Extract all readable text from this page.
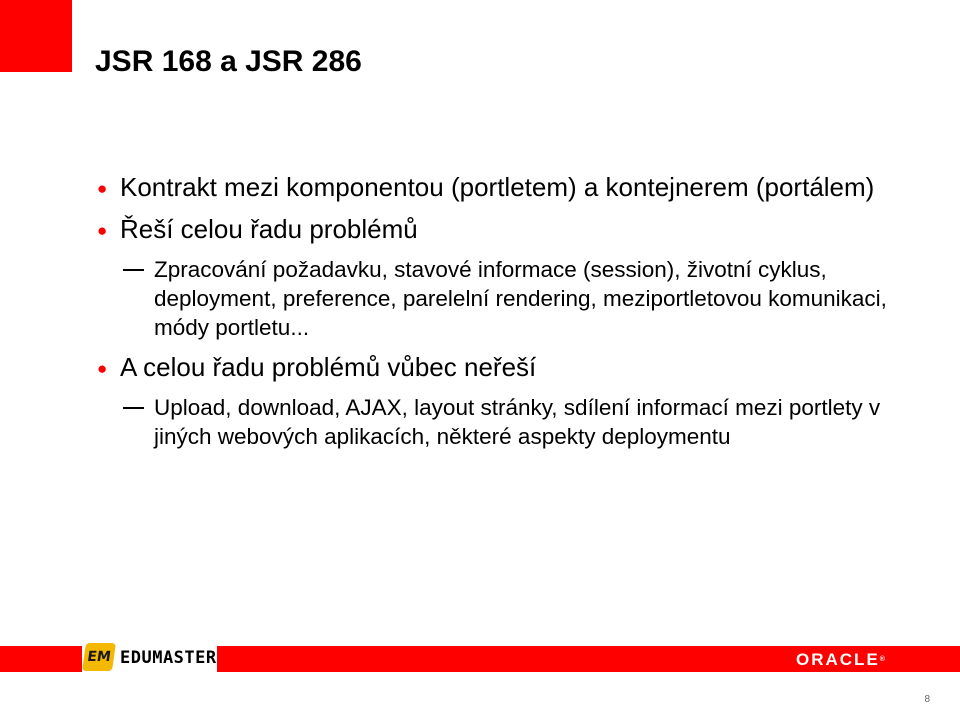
JSR 168 a JSR 286
● Kontrakt mezi komponentou (portletem) a kontejnerem (portálem)
● Řeší celou řadu problémů
Zpracování požadavku, stavové informace (session), životní cyklus, deployment, preference, parelelní rendering, meziportletovou komunikaci, módy portletu...
● A celou řadu problémů vůbec neřeší
Upload, download, AJAX, layout stránky, sdílení informací mezi portlety v jiných webových aplikacích, některé aspekty deploymentu
EM EDUMASTER	ORACLE®
8
